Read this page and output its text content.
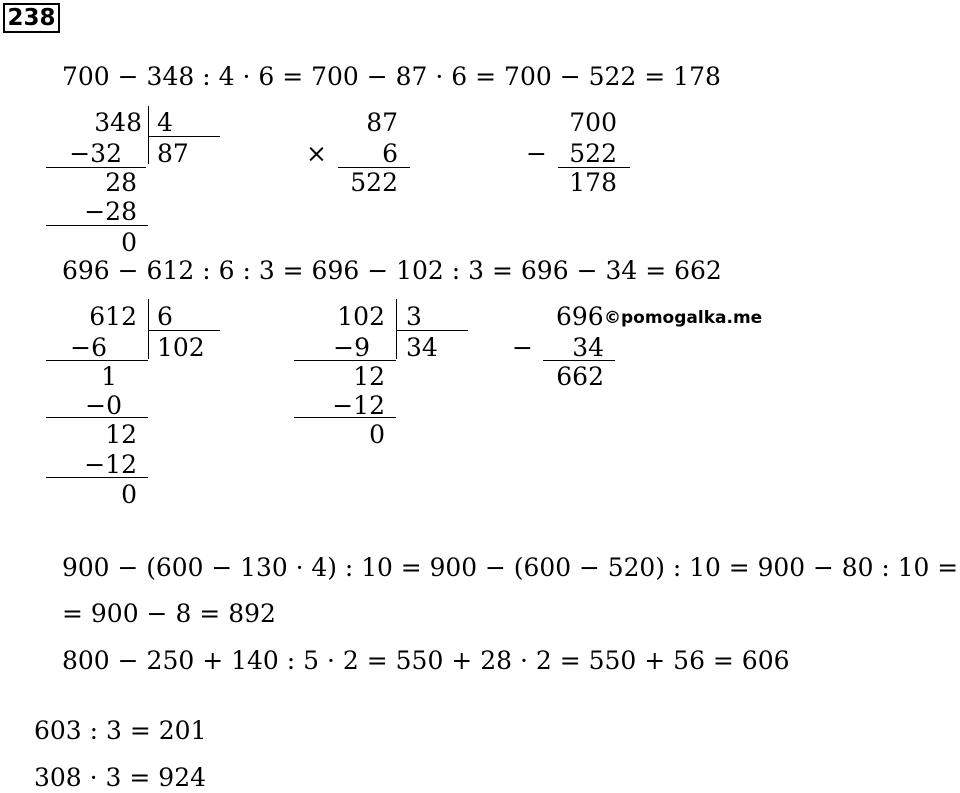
238
700 − 348 : 4 · 6 = 700 − 87 · 6 = 700 − 522 = 178
348 4
87
−32
28
−28
0
87
×	6
522
700
− 522
178
696 − 612 : 6 : 3 = 696 − 102 : 3 = 696 − 34 = 662
612 6
102
−6
1
−0
12
−12
0
102 3
34
−9
12
−12
0
696 ©pomogalka.me
−	34
662
900 − (600 − 130 · 4) : 10 = 900 − (600 − 520) : 10 = 900 − 80 : 10 =
= 900 − 8 = 892
800 − 250 + 140 : 5 · 2 = 550 + 28 · 2 = 550 + 56 = 606
603 : 3 = 201
308 · 3 = 924
